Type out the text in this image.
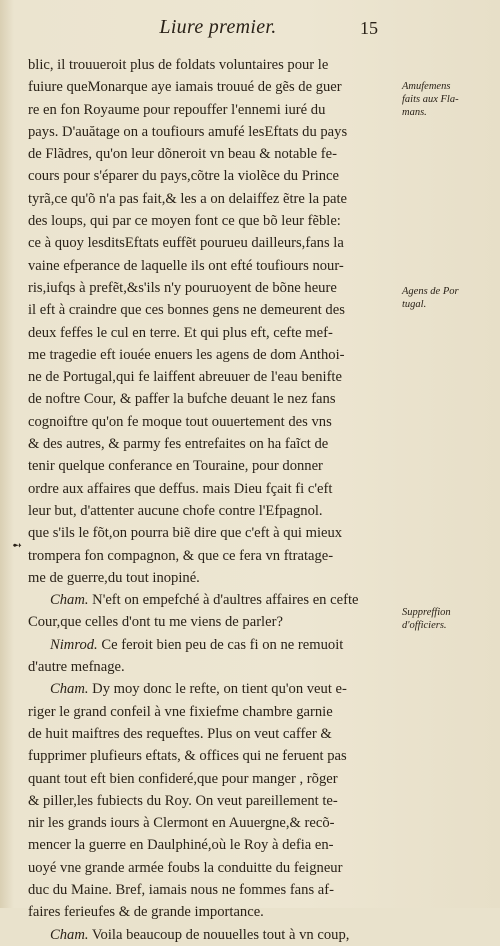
Liure premier.	15
➻
blic, il trouueroit plus de foldats voluntaires pour le
fuiure queMonarque aye iamais trouué de gẽs de guer
re en fon Royaume pour repouffer l'ennemi iuré du
pays. D'auătage on a toufiours amufé lesEftats du pays
de Flãdres, qu'on leur dõneroit vn beau & notable fe-
cours pour s'éparer du pays,cõtre la violẽce du Prince
tyrã,ce qu'õ n'a pas fait,& les a on delaiffez ẽtre la pate
des loups, qui par ce moyen font ce que bõ leur fẽble:
ce à quoy lesditsEftats euffẽt pourueu dailleurs,fans la
vaine efperance de laquelle ils ont efté toufiours nour-
ris,iufqs à prefẽt,&s'ils n'y pouruoyent de bõne heure
il eft à craindre que ces bonnes gens ne demeurent des
deux feffes le cul en terre. Et qui plus eft, cefte mef-
me tragedie eft iouée enuers les agens de dom Anthoi-
ne de Portugal,qui fe laiffent abreuuer de l'eau benifte
de noftre Cour, & paffer la bufche deuant le nez fans
cognoiftre qu'on fe moque tout ouuertement des vns
& des autres, & parmy fes entrefaites on ha faĩct de
tenir quelque conferance en Touraine, pour donner
ordre aux affaires que deffus. mais Dieu fçait fi c'eft
leur but, d'attenter aucune chofe contre l'Efpagnol.
que s'ils le fõt,on pourra biẽ dire que c'eft à qui mieux
trompera fon compagnon, & que ce fera vn ftratage-
me de guerre,du tout inopiné.
Cham. N'eft on empefché à d'aultres affaires en cefte
Cour,que celles d'ont tu me viens de parler?
Nimrod. Ce feroit bien peu de cas fi on ne remuoit
d'autre mefnage.
Cham. Dy moy donc le refte, on tient qu'on veut e-
riger le grand confeil à vne fixiefme chambre garnie
de huit maiftres des requeftes. Plus on veut caffer &
fupprimer plufieurs eftats, & offices qui ne feruent pas
quant tout eft bien confideré,que pour manger , rõger
& piller,les fubiects du Roy. On veut pareillement te-
nir les grands iours à Clermont en Auuergne,& recõ-
mencer la guerre en Daulphiné,où le Roy à defia en-
uoyé vne grande armée foubs la conduitte du feigneur
duc du Maine. Bref, iamais nous ne fommes fans af-
faires ferieufes & de grande importance.
Cham. Voila beaucoup de nouuelles tout à vn coup,
Amufemens
faits aux Fla-
mans.
Agens de Por
tugal.
Suppreffion
d'officiers.
